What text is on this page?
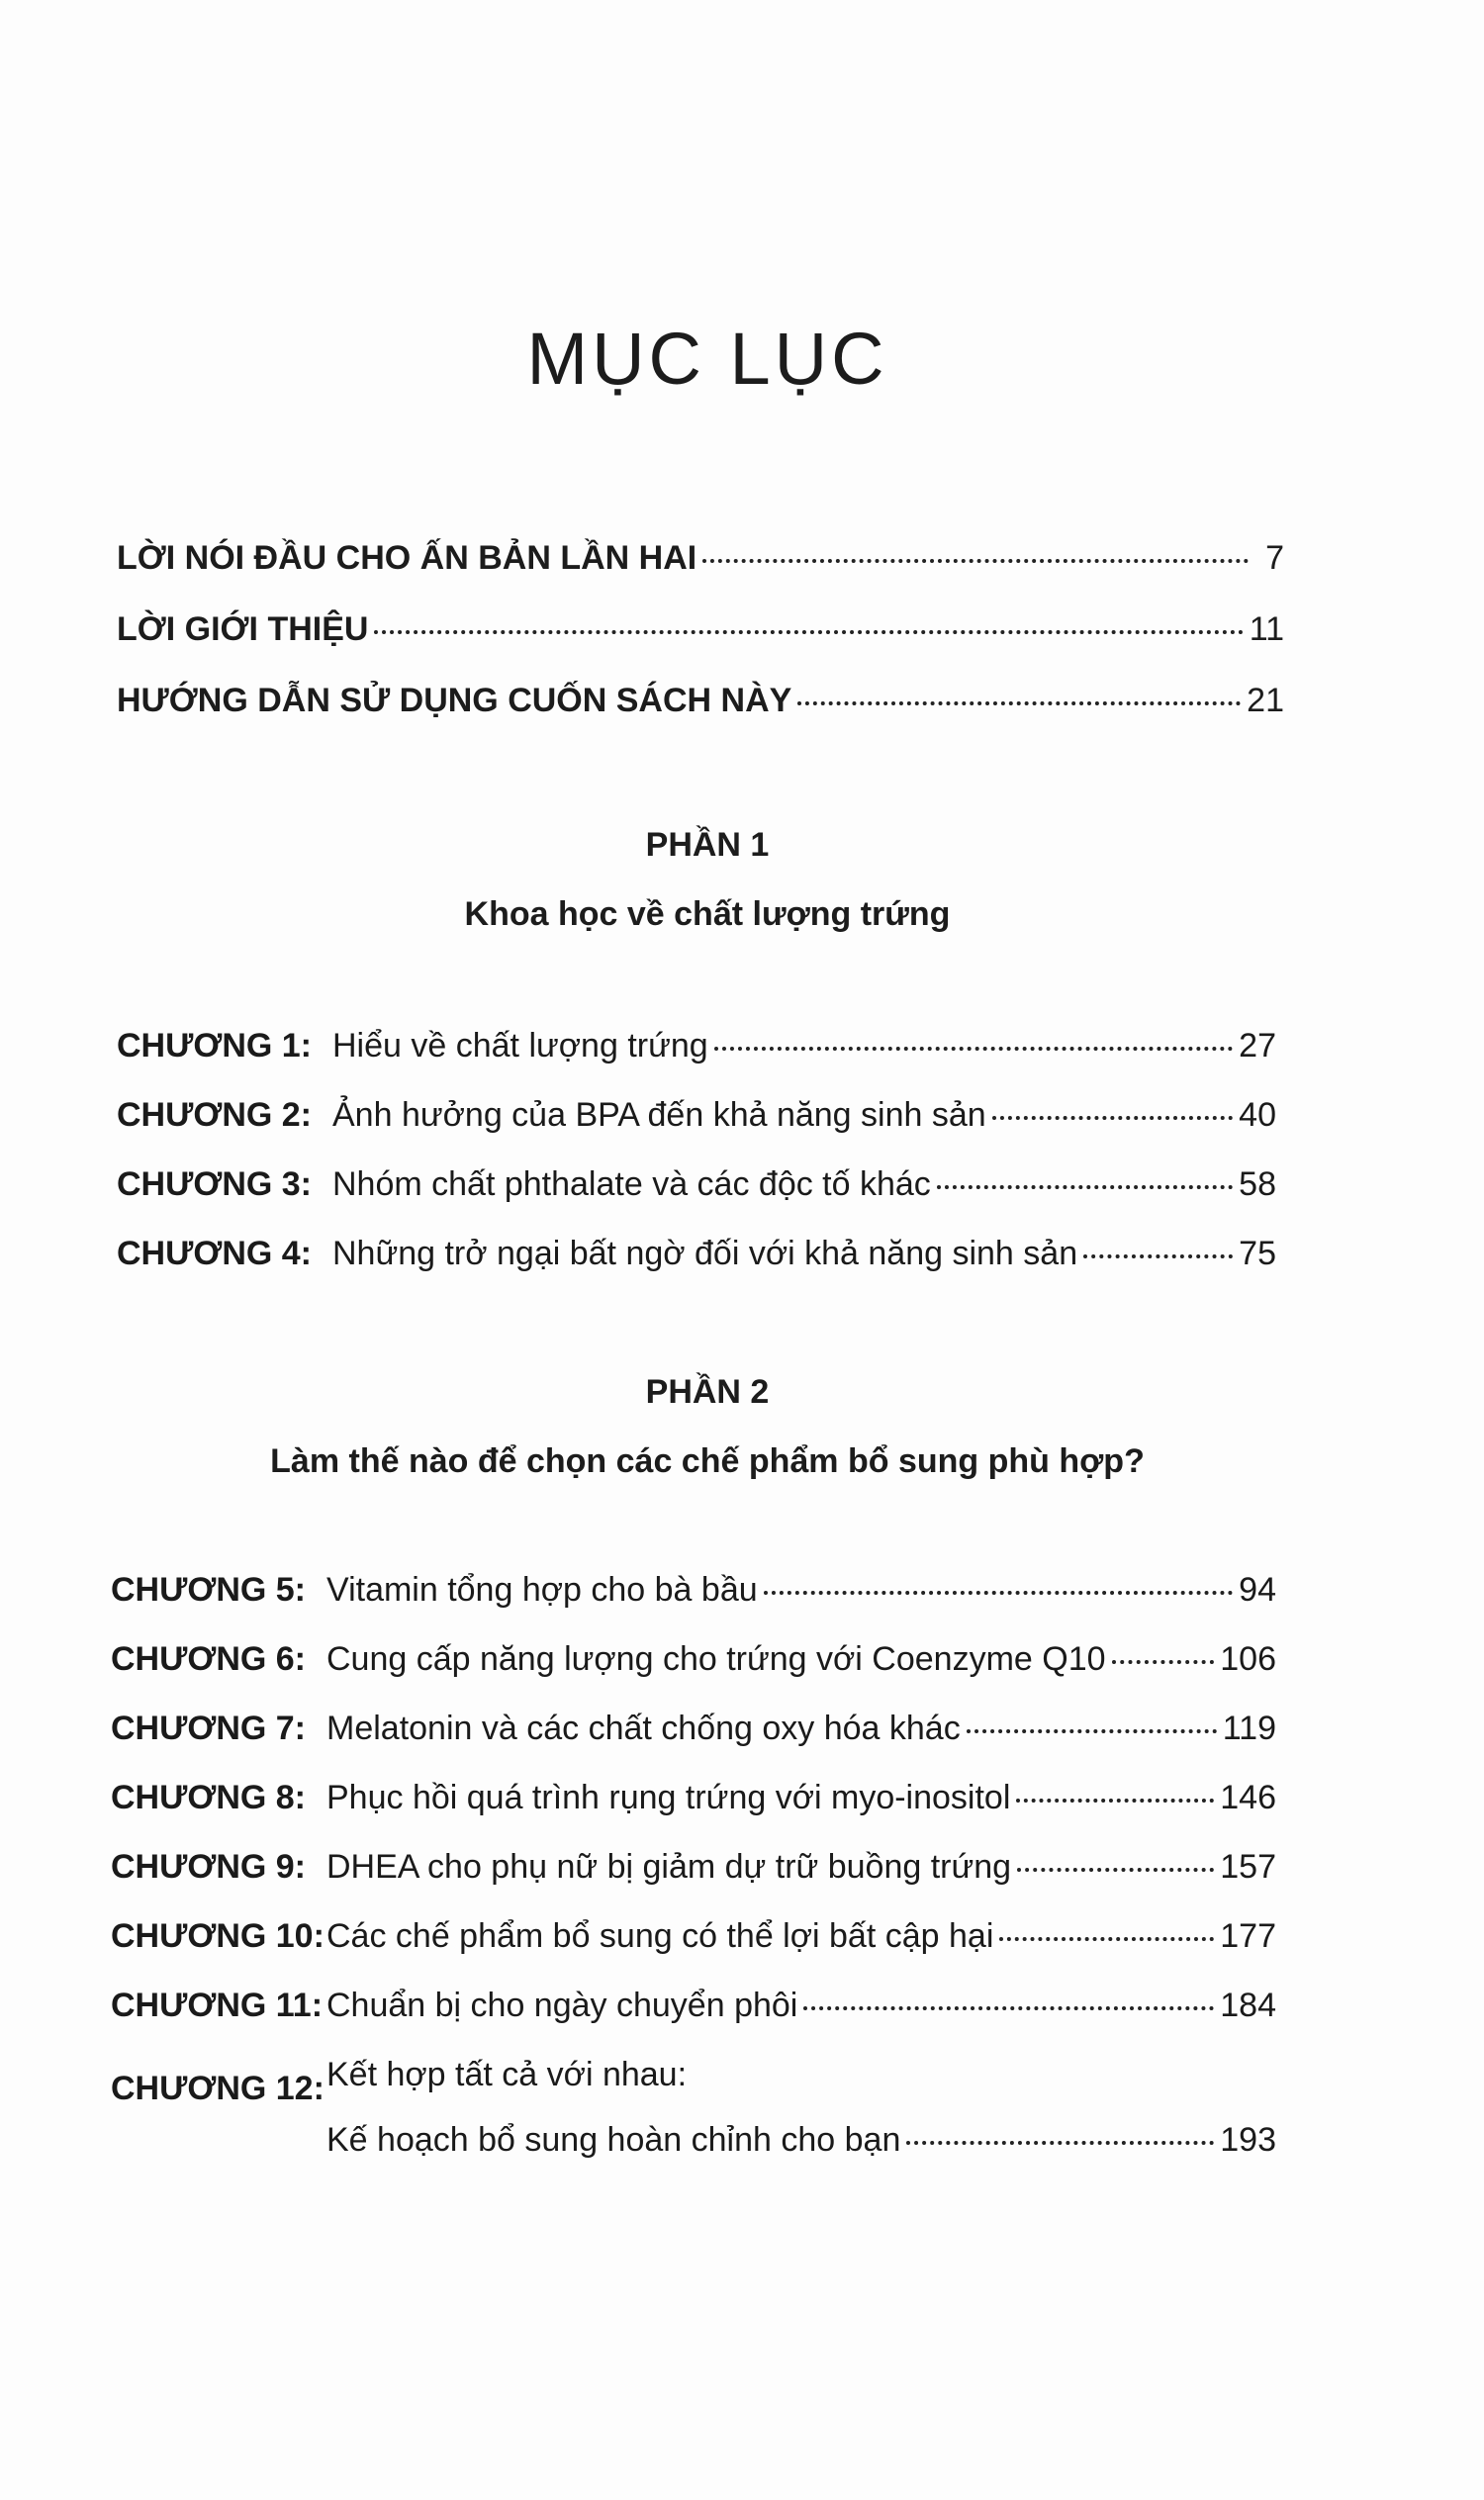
MỤC LỤC
LỜI NÓI ĐẦU CHO ẤN BẢN LẦN HAI	7
LỜI GIỚI THIỆU	11
HƯỚNG DẪN SỬ DỤNG CUỐN SÁCH NÀY	21
PHẦN 1
Khoa học về chất lượng trứng
CHƯƠNG 1: Hiểu về chất lượng trứng	27
CHƯƠNG 2: Ảnh hưởng của BPA đến khả năng sinh sản	40
CHƯƠNG 3: Nhóm chất phthalate và các độc tố khác	58
CHƯƠNG 4: Những trở ngại bất ngờ đối với khả năng sinh sản	75
PHẦN 2
Làm thế nào để chọn các chế phẩm bổ sung phù hợp?
CHƯƠNG 5: Vitamin tổng hợp cho bà bầu	94
CHƯƠNG 6: Cung cấp năng lượng cho trứng với Coenzyme Q10	106
CHƯƠNG 7: Melatonin và các chất chống oxy hóa khác	119
CHƯƠNG 8: Phục hồi quá trình rụng trứng với myo-inositol	146
CHƯƠNG 9: DHEA cho phụ nữ bị giảm dự trữ buồng trứng	157
CHƯƠNG 10: Các chế phẩm bổ sung có thể lợi bất cập hại	177
CHƯƠNG 11: Chuẩn bị cho ngày chuyển phôi	184
CHƯƠNG 12: Kết hợp tất cả với nhau:
Kế hoạch bổ sung hoàn chỉnh cho bạn	193
